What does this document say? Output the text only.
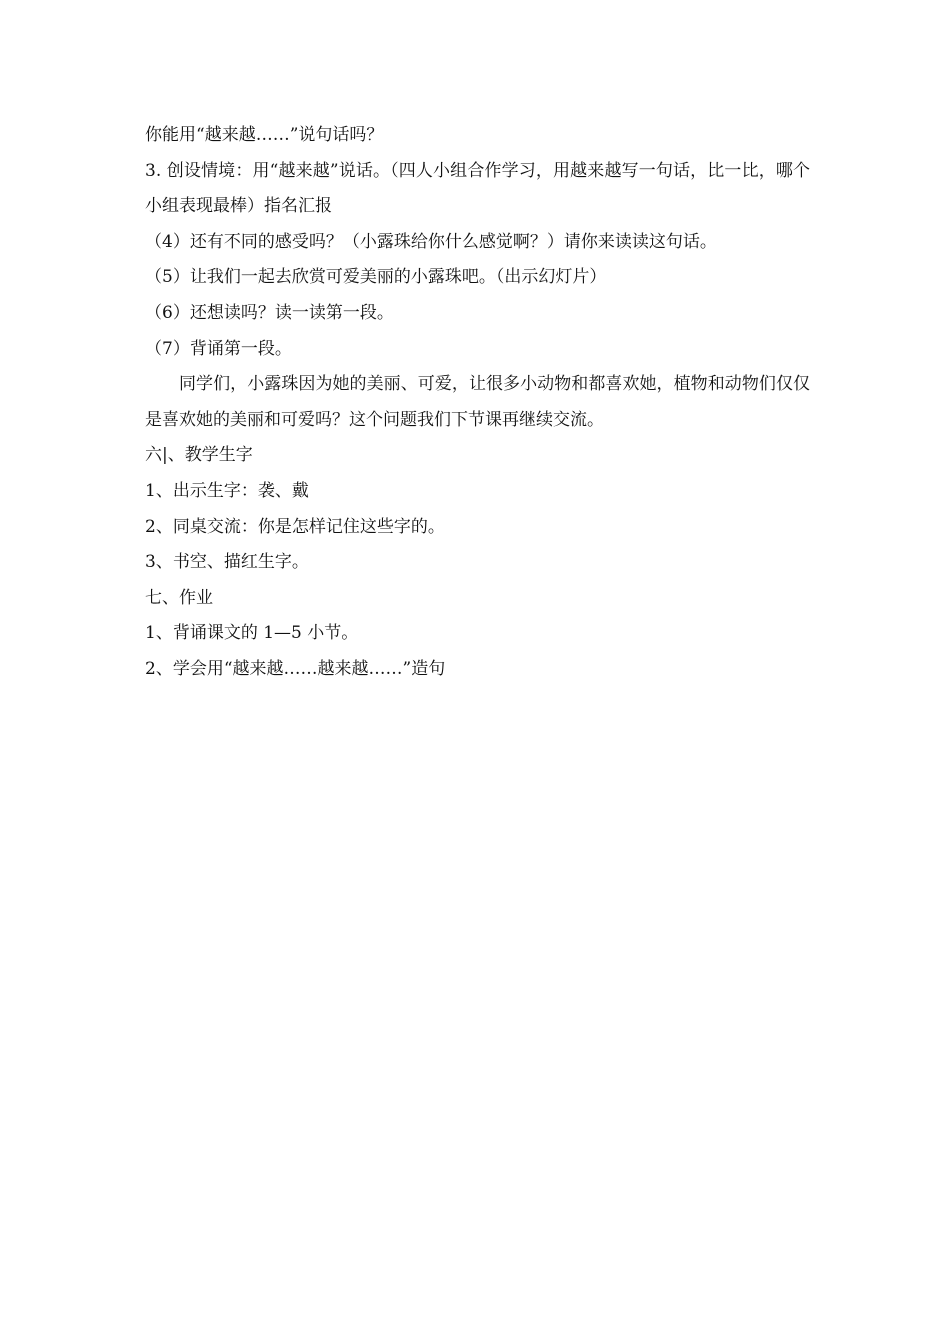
你能用“越来越……”说句话吗？
3. 创设情境：用“越来越”说话。（四人小组合作学习，用越来越写一句话，比一比，哪个小组表现最棒）指名汇报
（4）还有不同的感受吗？（小露珠给你什么感觉啊？）请你来读读这句话。
（5）让我们一起去欣赏可爱美丽的小露珠吧。（出示幻灯片）
（6）还想读吗？读一读第一段。
（7）背诵第一段。
同学们，小露珠因为她的美丽、可爱，让很多小动物和都喜欢她，植物和动物们仅仅是喜欢她的美丽和可爱吗？这个问题我们下节课再继续交流。
六|、教学生字
1、出示生字：袭、戴
2、同桌交流：你是怎样记住这些字的。
3、书空、描红生字。
七、作业
1、背诵课文的 1—5 小节。
2、学会用“越来越……越来越……”造句
